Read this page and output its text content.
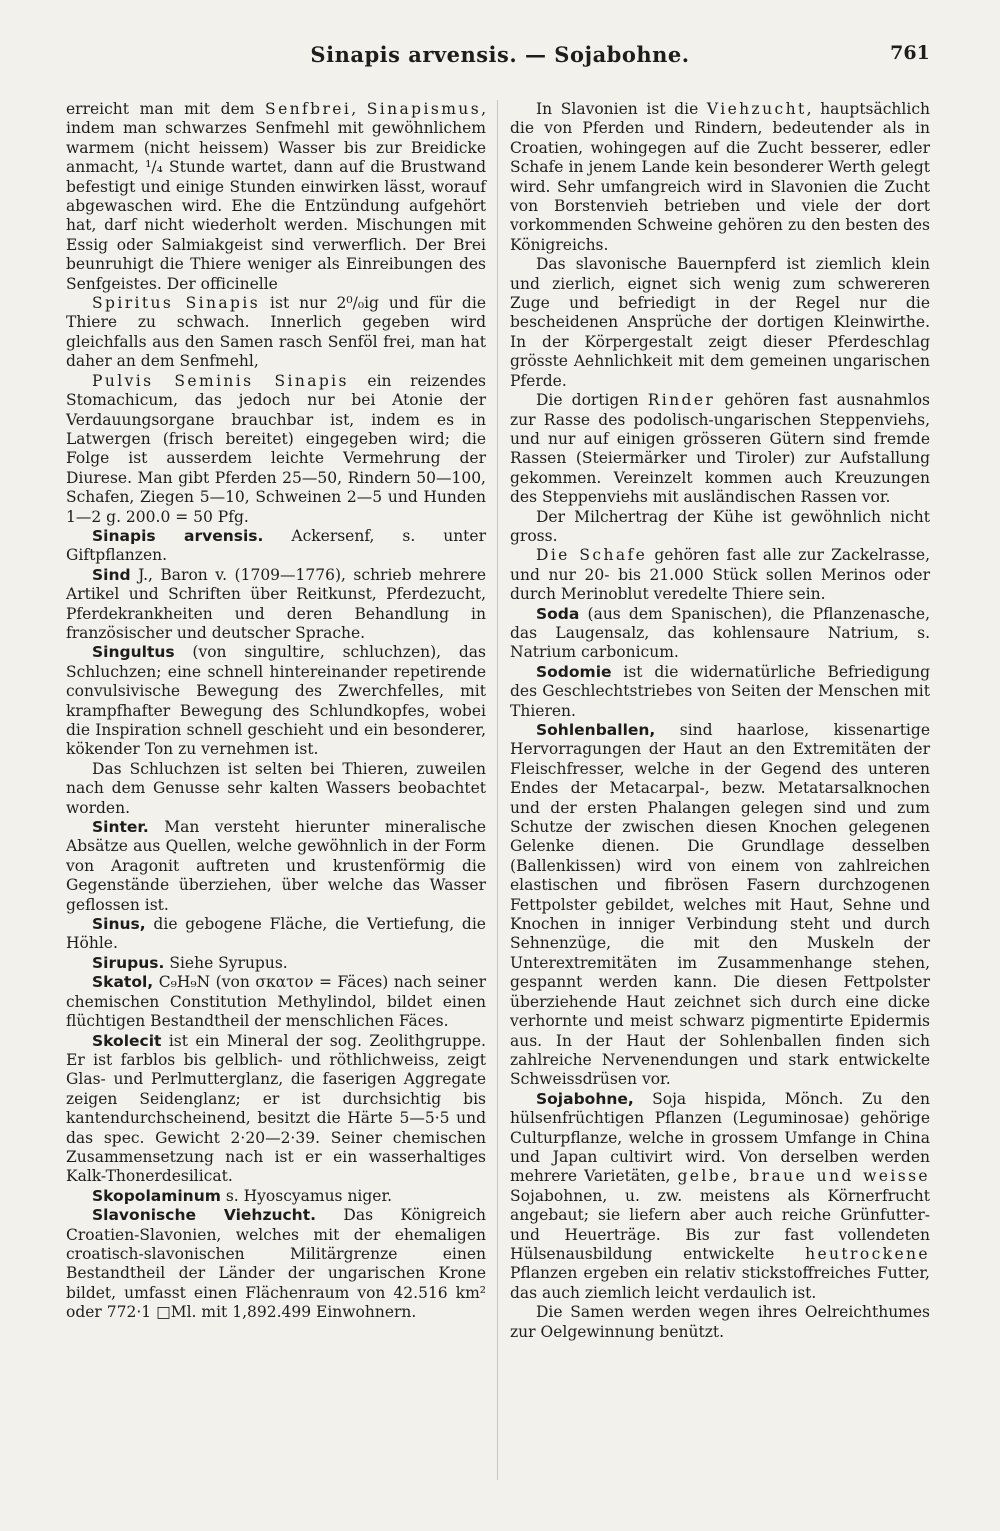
Sinapis arvensis. — Sojabohne.	761

erreicht man mit dem Senfbrei, Sinapismus, indem man schwarzes Senfmehl mit gewöhnlichem warmem (nicht heissem) Wasser bis zur Breidicke anmacht, ¹/₄ Stunde wartet, dann auf die Brustwand befestigt und einige Stunden einwirken lässt, worauf abgewaschen wird. Ehe die Entzündung aufgehört hat, darf nicht wiederholt werden. Mischungen mit Essig oder Salmiakgeist sind verwerflich. Der Brei beunruhigt die Thiere weniger als Einreibungen des Senfgeistes. Der officinelle

Spiritus Sinapis ist nur 2⁰/₀ig und für die Thiere zu schwach. Innerlich gegeben wird gleichfalls aus den Samen rasch Senföl frei, man hat daher an dem Senfmehl,

Pulvis Seminis Sinapis ein reizendes Stomachicum, das jedoch nur bei Atonie der Verdauungsorgane brauchbar ist, indem es in Latwergen (frisch bereitet) eingegeben wird; die Folge ist ausserdem leichte Vermehrung der Diurese. Man gibt Pferden 25—50, Rindern 50—100, Schafen, Ziegen 5—10, Schweinen 2—5 und Hunden 1—2 g. 200.0 = 50 Pfg.

Sinapis arvensis. Ackersenf, s. unter Giftpflanzen.

Sind J., Baron v. (1709—1776), schrieb mehrere Artikel und Schriften über Reitkunst, Pferdezucht, Pferdekrankheiten und deren Behandlung in französischer und deutscher Sprache.

Singultus (von singultire, schluchzen), das Schluchzen; eine schnell hintereinander repetirende convulsivische Bewegung des Zwerchfelles, mit krampfhafter Bewegung des Schlundkopfes, wobei die Inspiration schnell geschieht und ein besonderer, kökender Ton zu vernehmen ist.

Das Schluchzen ist selten bei Thieren, zuweilen nach dem Genusse sehr kalten Wassers beobachtet worden.

Sinter. Man versteht hierunter mineralische Absätze aus Quellen, welche gewöhnlich in der Form von Aragonit auftreten und krustenförmig die Gegenstände überziehen, über welche das Wasser geflossen ist.

Sinus, die gebogene Fläche, die Vertiefung, die Höhle.

Sirupus. Siehe Syrupus.

Skatol, C₉H₉N (von σκατον = Fäces) nach seiner chemischen Constitution Methylindol, bildet einen flüchtigen Bestandtheil der menschlichen Fäces.

Skolecit ist ein Mineral der sog. Zeolithgruppe. Er ist farblos bis gelblich- und röthlichweiss, zeigt Glas- und Perlmutterglanz, die faserigen Aggregate zeigen Seidenglanz; er ist durchsichtig bis kantendurchscheinend, besitzt die Härte 5—5·5 und das spec. Gewicht 2·20—2·39. Seiner chemischen Zusammensetzung nach ist er ein wasserhaltiges Kalk-Thonerdesilicat.

Skopolaminum s. Hyoscyamus niger.

Slavonische Viehzucht. Das Königreich Croatien-Slavonien, welches mit der ehemaligen croatisch-slavonischen Militärgrenze einen Bestandtheil der Länder der ungarischen Krone bildet, umfasst einen Flächenraum von 42.516 km² oder 772·1 □Ml. mit 1,892.499 Einwohnern.

In Slavonien ist die Viehzucht, hauptsächlich die von Pferden und Rindern, bedeutender als in Croatien, wohingegen auf die Zucht besserer, edler Schafe in jenem Lande kein besonderer Werth gelegt wird. Sehr umfangreich wird in Slavonien die Zucht von Borstenvieh betrieben und viele der dort vorkommenden Schweine gehören zu den besten des Königreichs.

Das slavonische Bauernpferd ist ziemlich klein und zierlich, eignet sich wenig zum schwereren Zuge und befriedigt in der Regel nur die bescheidenen Ansprüche der dortigen Kleinwirthe. In der Körpergestalt zeigt dieser Pferdeschlag grösste Aehnlichkeit mit dem gemeinen ungarischen Pferde.

Die dortigen Rinder gehören fast ausnahmlos zur Rasse des podolisch-ungarischen Steppenviehs, und nur auf einigen grösseren Gütern sind fremde Rassen (Steiermärker und Tiroler) zur Aufstallung gekommen. Vereinzelt kommen auch Kreuzungen des Steppenviehs mit ausländischen Rassen vor.

Der Milchertrag der Kühe ist gewöhnlich nicht gross.

Die Schafe gehören fast alle zur Zackelrasse, und nur 20- bis 21.000 Stück sollen Merinos oder durch Merinoblut veredelte Thiere sein.

Soda (aus dem Spanischen), die Pflanzenasche, das Laugensalz, das kohlensaure Natrium, s. Natrium carbonicum.

Sodomie ist die widernatürliche Befriedigung des Geschlechtstriebes von Seiten der Menschen mit Thieren.

Sohlenballen, sind haarlose, kissenartige Hervorragungen der Haut an den Extremitäten der Fleischfresser, welche in der Gegend des unteren Endes der Metacarpal-, bezw. Metatarsalknochen und der ersten Phalangen gelegen sind und zum Schutze der zwischen diesen Knochen gelegenen Gelenke dienen. Die Grundlage desselben (Ballenkissen) wird von einem von zahlreichen elastischen und fibrösen Fasern durchzogenen Fettpolster gebildet, welches mit Haut, Sehne und Knochen in inniger Verbindung steht und durch Sehnenzüge, die mit den Muskeln der Unterextremitäten im Zusammenhange stehen, gespannt werden kann. Die diesen Fettpolster überziehende Haut zeichnet sich durch eine dicke verhornte und meist schwarz pigmentirte Epidermis aus. In der Haut der Sohlenballen finden sich zahlreiche Nervenendungen und stark entwickelte Schweissdrüsen vor.

Sojabohne, Soja hispida, Mönch. Zu den hülsenfrüchtigen Pflanzen (Leguminosae) gehörige Culturpflanze, welche in grossem Umfange in China und Japan cultivirt wird. Von derselben werden mehrere Varietäten, gelbe, braue und weisse Sojabohnen, u. zw. meistens als Körnerfrucht angebaut; sie liefern aber auch reiche Grünfutter- und Heuerträge. Bis zur fast vollendeten Hülsenausbildung entwickelte heutrockene Pflanzen ergeben ein relativ stickstoffreiches Futter, das auch ziemlich leicht verdaulich ist.

Die Samen werden wegen ihres Oelreichthumes zur Oelgewinnung benützt.
